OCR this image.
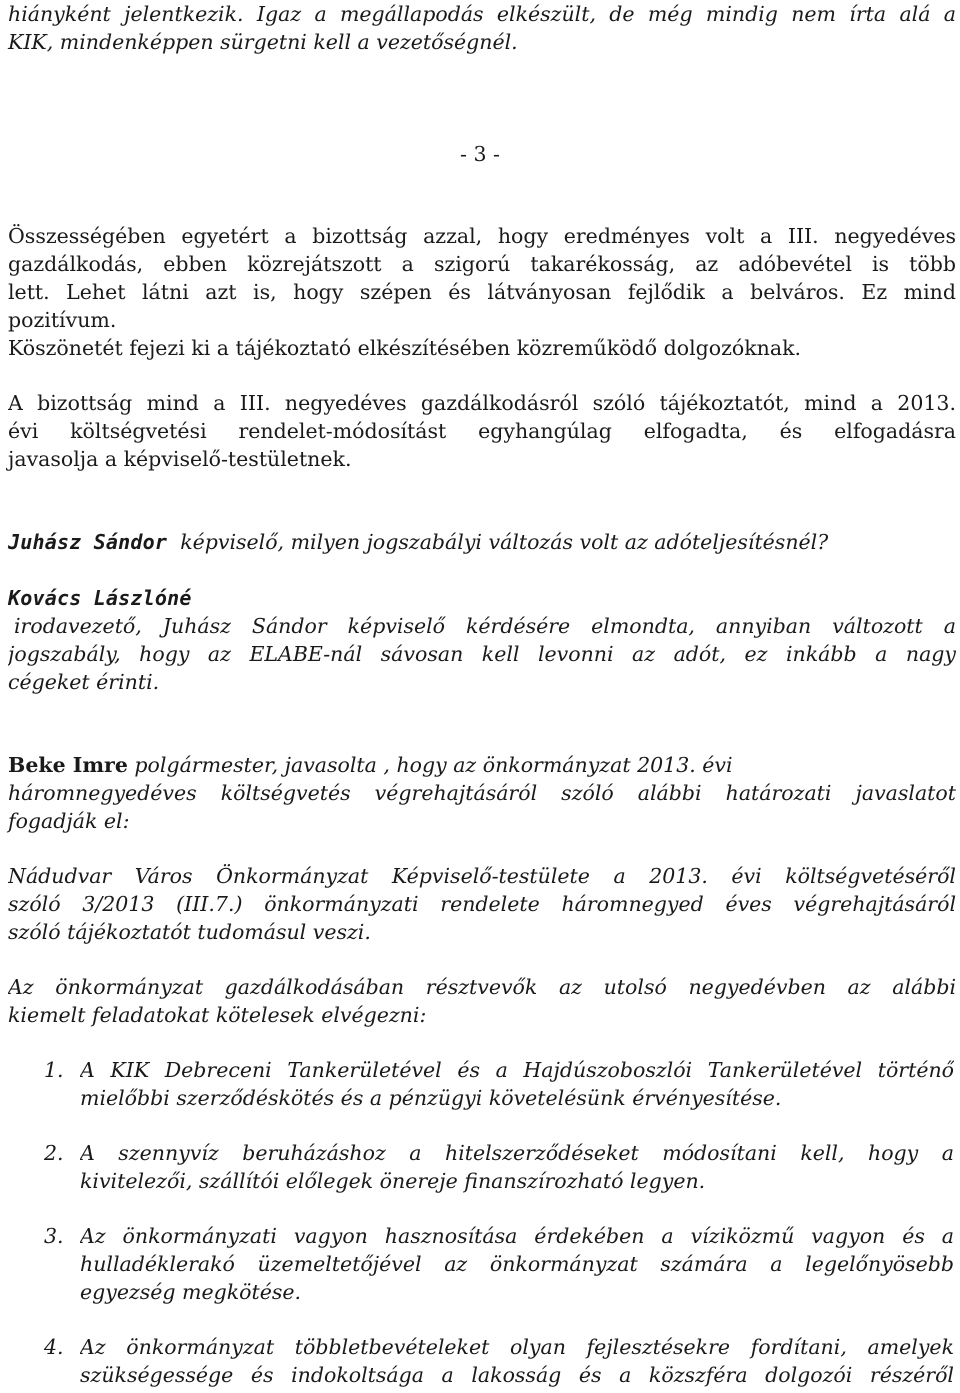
hiányként jelentkezik. Igaz a megállapodás elkészült, de még mindig nem írta alá a
KIK, mindenképpen sürgetni kell a vezetőségnél.
- 3 -
Összességében egyetért a bizottság azzal, hogy eredményes volt a III. negyedéves
gazdálkodás, ebben közrejátszott a szigorú takarékosság, az adóbevétel is több
lett. Lehet látni azt is, hogy szépen és látványosan fejlődik a belváros. Ez mind
pozitívum.
Köszönetét fejezi ki a tájékoztató elkészítésében közreműködő dolgozóknak.
A bizottság mind a III. negyedéves gazdálkodásról szóló tájékoztatót, mind a 2013.
évi költségvetési rendelet-módosítást egyhangúlag elfogadta, és elfogadásra
javasolja a képviselő-testületnek.
Juhász Sándor képviselő, milyen jogszabályi változás volt az adóteljesítésnél?
Kovács Lászlóné
irodavezető, Juhász Sándor képviselő kérdésére elmondta, annyiban változott a
jogszabály, hogy az ELABE-nál sávosan kell levonni az adót, ez inkább a nagy
cégeket érinti.
Beke Imre polgármester, javasolta , hogy az önkormányzat 2013. évi
háromnegyedéves költségvetés végrehajtásáról szóló alábbi határozati javaslatot
fogadják el:
Nádudvar Város Önkormányzat Képviselő-testülete a 2013. évi költségvetéséről
szóló 3/2013 (III.7.) önkormányzati rendelete háromnegyed éves végrehajtásáról
szóló tájékoztatót tudomásul veszi.
Az önkormányzat gazdálkodásában résztvevők az utolsó negyedévben az alábbi
kiemelt feladatokat kötelesek elvégezni:
1. A KIK Debreceni Tankerületével és a Hajdúszoboszlói Tankerületével történő
mielőbbi szerződéskötés és a pénzügyi követelésünk érvényesítése.
2. A szennyvíz beruházáshoz a hitelszerződéseket módosítani kell, hogy a
kivitelezői, szállítói előlegek önereje finanszírozható legyen.
3. Az önkormányzati vagyon hasznosítása érdekében a víziközmű vagyon és a
hulladéklerakó üzemeltetőjével az önkormányzat számára a legelőnyösebb
egyezség megkötése.
4. Az önkormányzat többletbevételeket olyan fejlesztésekre fordítani, amelyek
szükségessége és indokoltsága a lakosság és a közszféra dolgozói részéről
